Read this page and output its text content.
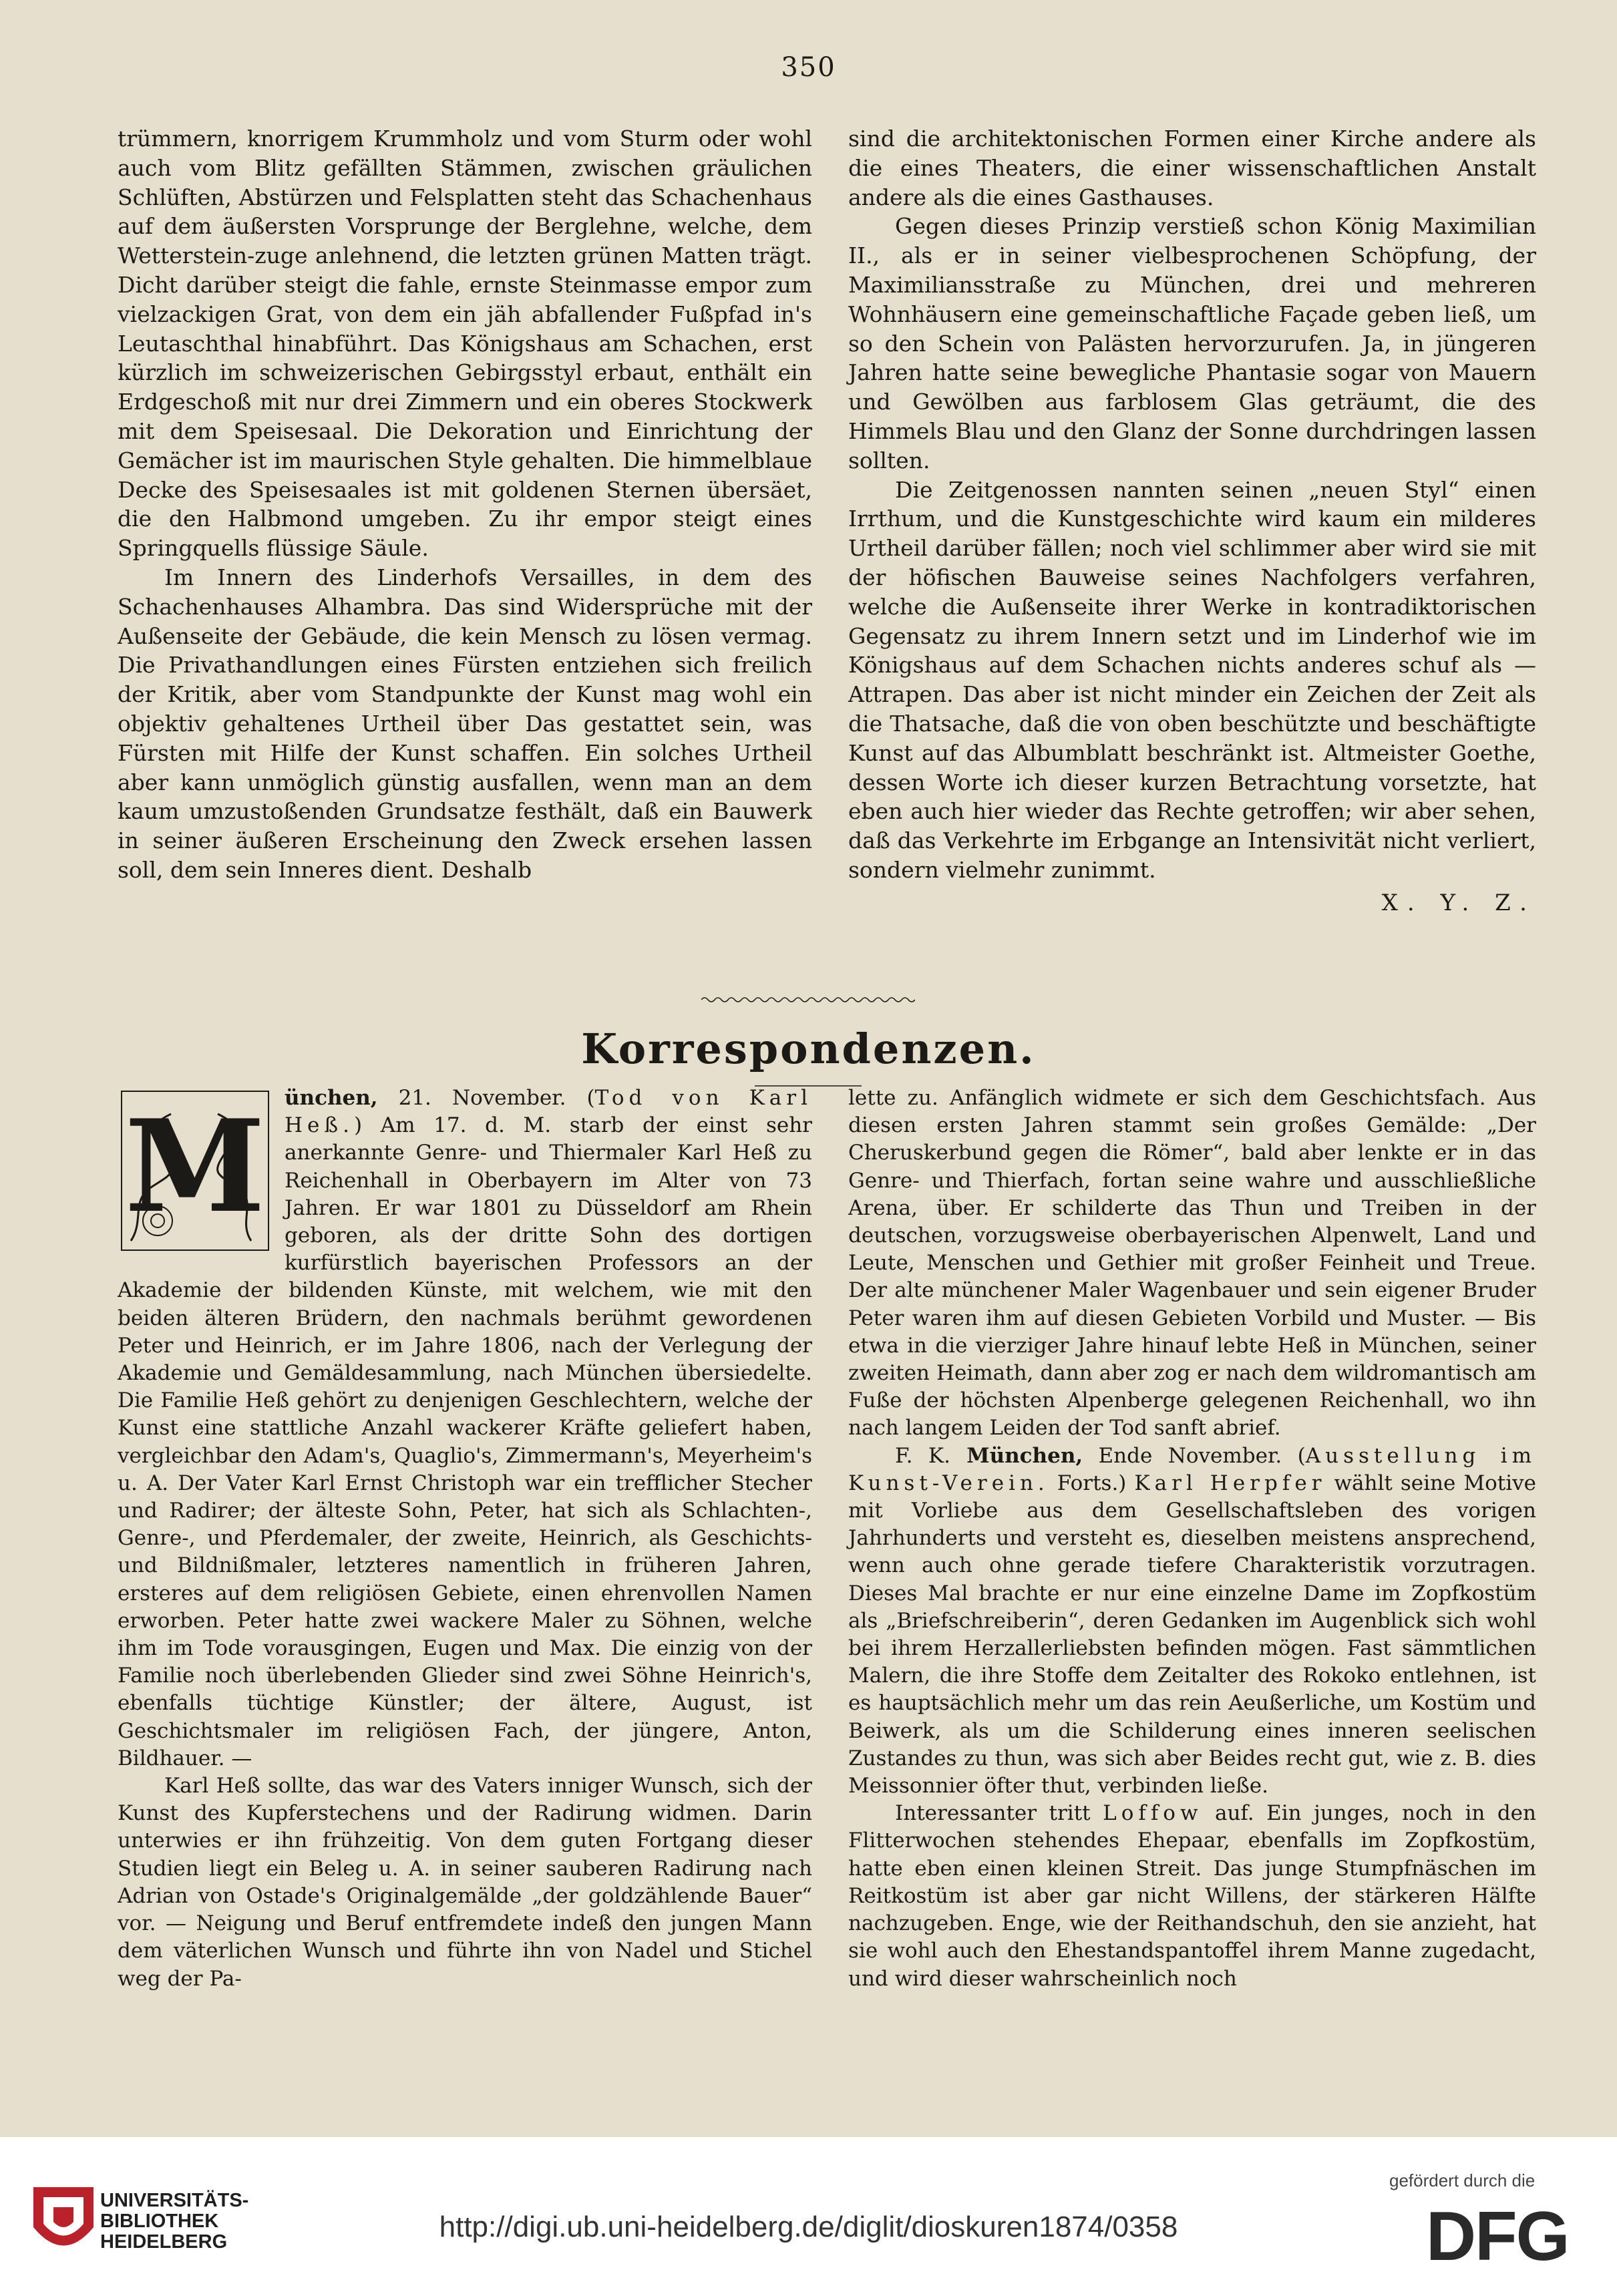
350

trümmern, knorrigem Krummholz und vom Sturm oder wohl auch vom Blitz gefällten Stämmen, zwischen gräulichen Schlüften, Abstürzen und Felsplatten steht das Schachenhaus auf dem äußersten Vorsprunge der Berglehne, welche, dem Wetterstein-zuge anlehnend, die letzten grünen Matten trägt. Dicht darüber steigt die fahle, ernste Steinmasse empor zum vielzackigen Grat, von dem ein jäh abfallender Fußpfad in's Leutaschthal hinabführt. Das Königshaus am Schachen, erst kürzlich im schweizerischen Gebirgsstyl erbaut, enthält ein Erdgeschoß mit nur drei Zimmern und ein oberes Stockwerk mit dem Speisesaal. Die Dekoration und Einrichtung der Gemächer ist im maurischen Style gehalten. Die himmelblaue Decke des Speisesaales ist mit goldenen Sternen übersäet, die den Halbmond umgeben. Zu ihr empor steigt eines Springquells flüssige Säule.

Im Innern des Linderhofs Versailles, in dem des Schachenhauses Alhambra. Das sind Widersprüche mit der Außenseite der Gebäude, die kein Mensch zu lösen vermag. Die Privathandlungen eines Fürsten entziehen sich freilich der Kritik, aber vom Standpunkte der Kunst mag wohl ein objektiv gehaltenes Urtheil über Das gestattet sein, was Fürsten mit Hilfe der Kunst schaffen. Ein solches Urtheil aber kann unmöglich günstig ausfallen, wenn man an dem kaum umzustoßenden Grundsatze festhält, daß ein Bauwerk in seiner äußeren Erscheinung den Zweck ersehen lassen soll, dem sein Inneres dient. Deshalb

sind die architektonischen Formen einer Kirche andere als die eines Theaters, die einer wissenschaftlichen Anstalt andere als die eines Gasthauses.

Gegen dieses Prinzip verstieß schon König Maximilian II., als er in seiner vielbesprochenen Schöpfung, der Maximiliansstraße zu München, drei und mehreren Wohnhäusern eine gemeinschaftliche Façade geben ließ, um so den Schein von Palästen hervorzurufen. Ja, in jüngeren Jahren hatte seine bewegliche Phantasie sogar von Mauern und Gewölben aus farblosem Glas geträumt, die des Himmels Blau und den Glanz der Sonne durchdringen lassen sollten.

Die Zeitgenossen nannten seinen „neuen Styl“ einen Irrthum, und die Kunstgeschichte wird kaum ein milderes Urtheil darüber fällen; noch viel schlimmer aber wird sie mit der höfischen Bauweise seines Nachfolgers verfahren, welche die Außenseite ihrer Werke in kontradiktorischen Gegensatz zu ihrem Innern setzt und im Linderhof wie im Königshaus auf dem Schachen nichts anderes schuf als — Attrapen. Das aber ist nicht minder ein Zeichen der Zeit als die Thatsache, daß die von oben beschützte und beschäftigte Kunst auf das Albumblatt beschränkt ist. Altmeister Goethe, dessen Worte ich dieser kurzen Betrachtung vorsetzte, hat eben auch hier wieder das Rechte getroffen; wir aber sehen, daß das Verkehrte im Erbgange an Intensivität nicht verliert, sondern vielmehr zunimmt.

X. Y. Z.
Korrespondenzen.

M ünchen, 21. November. (Tod von Karl Heß.) Am 17. d. M. starb der einst sehr anerkannte Genre- und Thiermaler Karl Heß zu Reichenhall in Oberbayern im Alter von 73 Jahren. Er war 1801 zu Düsseldorf am Rhein geboren, als der dritte Sohn des dortigen kurfürstlich bayerischen Professors an der Akademie der bildenden Künste, mit welchem, wie mit den beiden älteren Brüdern, den nachmals berühmt gewordenen Peter und Heinrich, er im Jahre 1806, nach der Verlegung der Akademie und Gemäldesammlung, nach München übersiedelte. Die Familie Heß gehört zu denjenigen Geschlechtern, welche der Kunst eine stattliche Anzahl wackerer Kräfte geliefert haben, vergleichbar den Adam's, Quaglio's, Zimmermann's, Meyerheim's u. A. Der Vater Karl Ernst Christoph war ein trefflicher Stecher und Radirer; der älteste Sohn, Peter, hat sich als Schlachten-, Genre-, und Pferdemaler, der zweite, Heinrich, als Geschichts- und Bildnißmaler, letzteres namentlich in früheren Jahren, ersteres auf dem religiösen Gebiete, einen ehrenvollen Namen erworben. Peter hatte zwei wackere Maler zu Söhnen, welche ihm im Tode vorausgingen, Eugen und Max. Die einzig von der Familie noch überlebenden Glieder sind zwei Söhne Heinrich's, ebenfalls tüchtige Künstler; der ältere, August, ist Geschichtsmaler im religiösen Fach, der jüngere, Anton, Bildhauer. —

Karl Heß sollte, das war des Vaters inniger Wunsch, sich der Kunst des Kupferstechens und der Radirung widmen. Darin unterwies er ihn frühzeitig. Von dem guten Fortgang dieser Studien liegt ein Beleg u. A. in seiner sauberen Radirung nach Adrian von Ostade's Originalgemälde „der goldzählende Bauer“ vor. — Neigung und Beruf entfremdete indeß den jungen Mann dem väterlichen Wunsch und führte ihn von Nadel und Stichel weg der Pa-

lette zu. Anfänglich widmete er sich dem Geschichtsfach. Aus diesen ersten Jahren stammt sein großes Gemälde: „Der Cheruskerbund gegen die Römer“, bald aber lenkte er in das Genre- und Thierfach, fortan seine wahre und ausschließliche Arena, über. Er schilderte das Thun und Treiben in der deutschen, vorzugsweise oberbayerischen Alpenwelt, Land und Leute, Menschen und Gethier mit großer Feinheit und Treue. Der alte münchener Maler Wagenbauer und sein eigener Bruder Peter waren ihm auf diesen Gebieten Vorbild und Muster. — Bis etwa in die vierziger Jahre hinauf lebte Heß in München, seiner zweiten Heimath, dann aber zog er nach dem wildromantisch am Fuße der höchsten Alpenberge gelegenen Reichenhall, wo ihn nach langem Leiden der Tod sanft abrief.

F. K. München, Ende November. (Ausstellung im Kunst-Verein. Forts.) Karl Herpfer wählt seine Motive mit Vorliebe aus dem Gesellschaftsleben des vorigen Jahrhunderts und versteht es, dieselben meistens ansprechend, wenn auch ohne gerade tiefere Charakteristik vorzutragen. Dieses Mal brachte er nur eine einzelne Dame im Zopfkostüm als „Briefschreiberin“, deren Gedanken im Augenblick sich wohl bei ihrem Herzallerliebsten befinden mögen. Fast sämmtlichen Malern, die ihre Stoffe dem Zeitalter des Rokoko entlehnen, ist es hauptsächlich mehr um das rein Aeußerliche, um Kostüm und Beiwerk, als um die Schilderung eines inneren seelischen Zustandes zu thun, was sich aber Beides recht gut, wie z. B. dies Meissonnier öfter thut, verbinden ließe.

Interessanter tritt Loffow auf. Ein junges, noch in den Flitterwochen stehendes Ehepaar, ebenfalls im Zopfkostüm, hatte eben einen kleinen Streit. Das junge Stumpfnäschen im Reitkostüm ist aber gar nicht Willens, der stärkeren Hälfte nachzugeben. Enge, wie der Reithandschuh, den sie anzieht, hat sie wohl auch den Ehestandspantoffel ihrem Manne zugedacht, und wird dieser wahrscheinlich noch

UNIVERSITÄTS-
BIBLIOTHEK
HEIDELBERG	http://digi.ub.uni-heidelberg.de/diglit/dioskuren1874/0358
gefördert durch die
DFG
